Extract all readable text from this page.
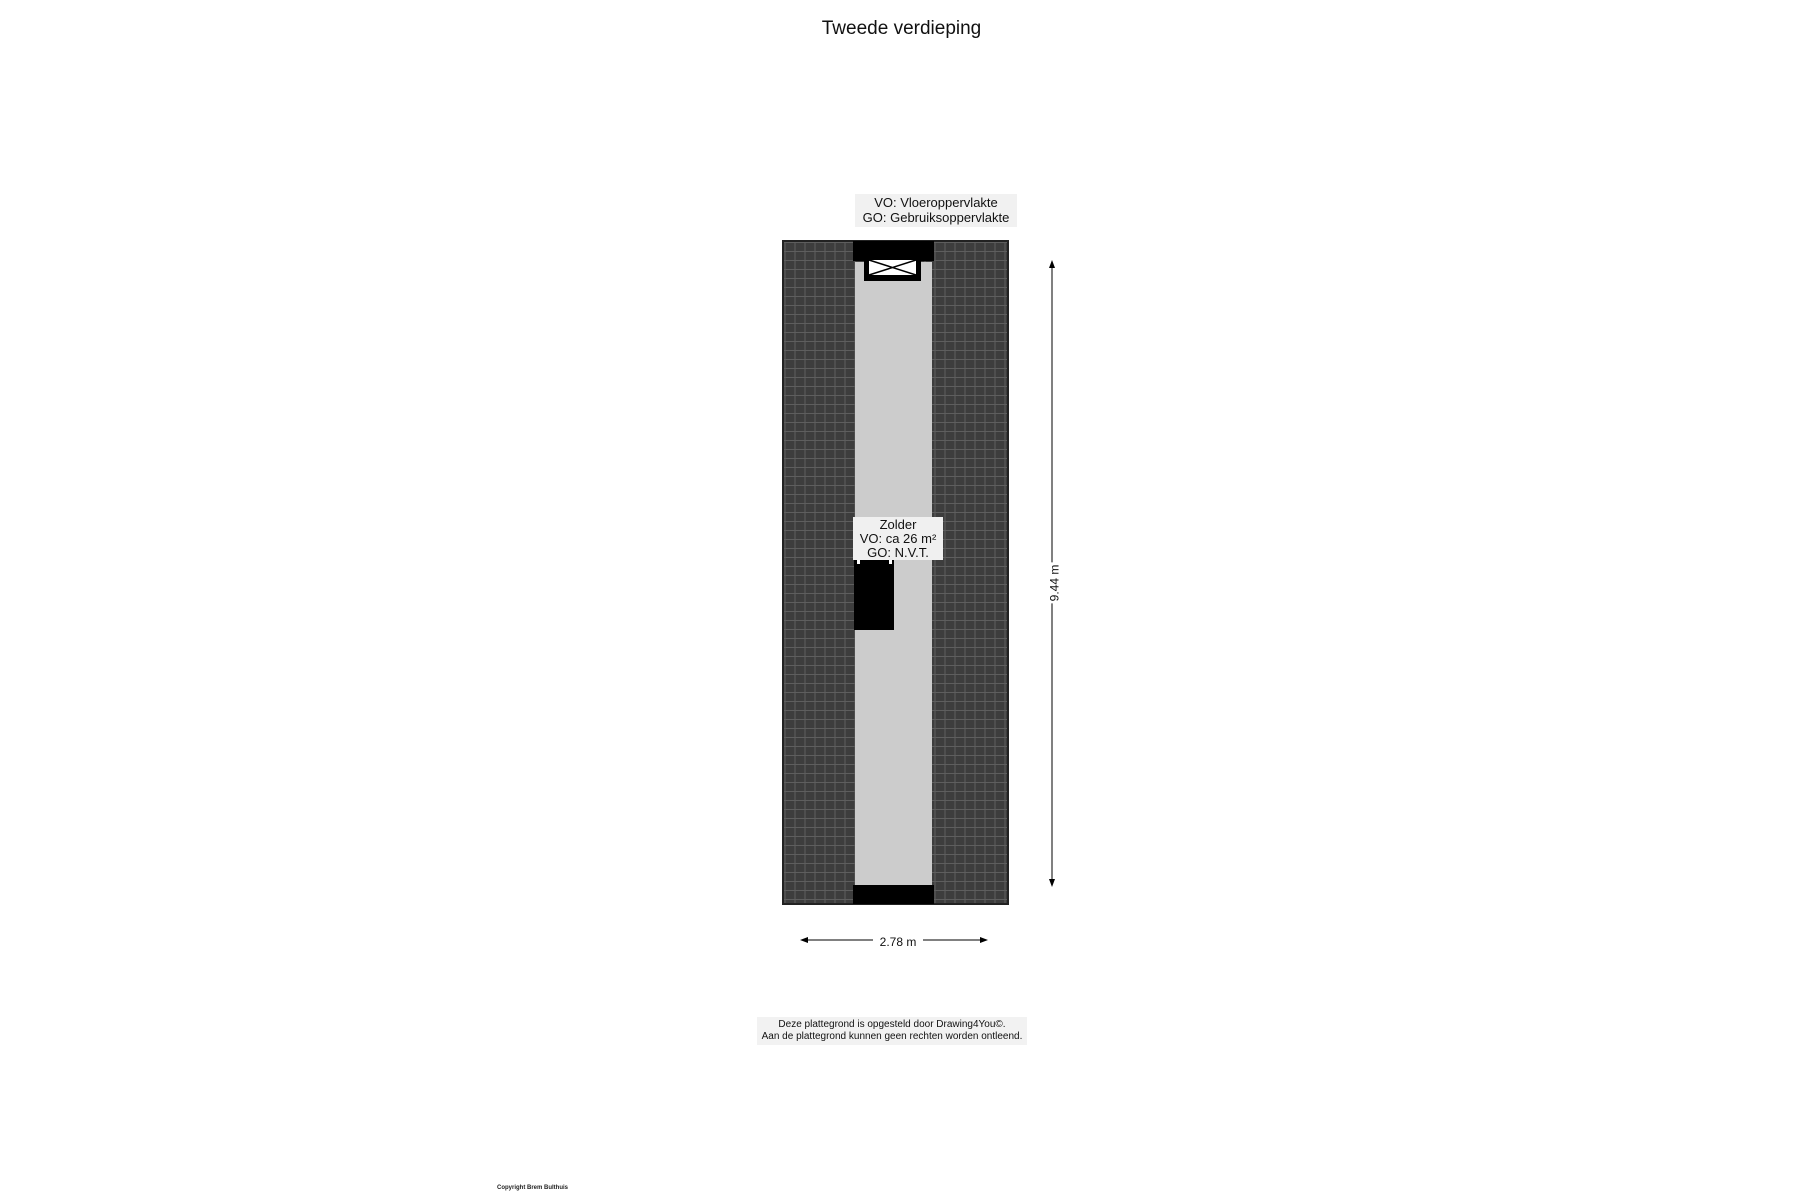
Tweede verdieping
VO: Vloeroppervlakte
GO: Gebruiksoppervlakte
Zolder
VO: ca 26 m²
GO: N.V.T.
9.44 m
2.78 m
Deze plattegrond is opgesteld door Drawing4You©.
Aan de plattegrond kunnen geen rechten worden ontleend.
Copyright Brem Bulthuis
